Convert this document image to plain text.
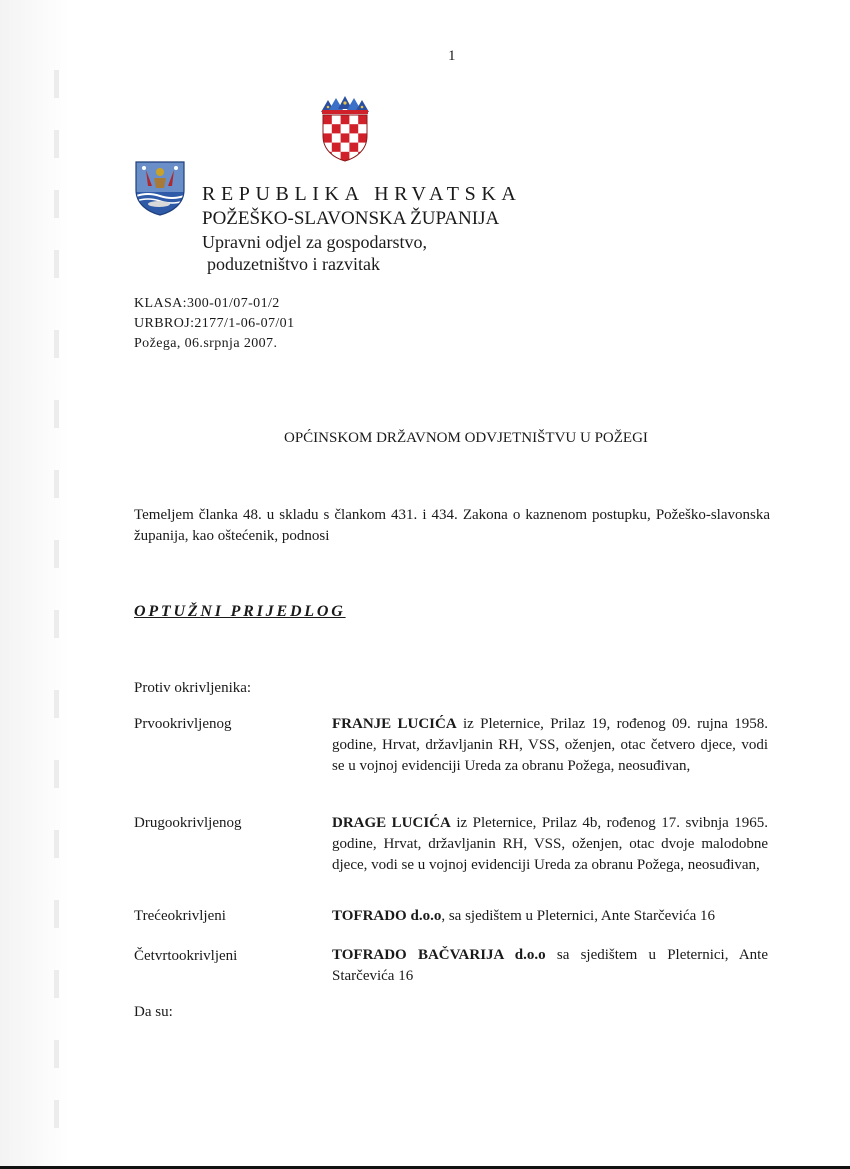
1
REPUBLIKA HRVATSKA
POŽEŠKO-SLAVONSKA ŽUPANIJA
Upravni odjel za gospodarstvo,
poduzetništvo i razvitak
KLASA:300-01/07-01/2
URBROJ:2177/1-06-07/01
Požega, 06.srpnja 2007.
OPĆINSKOM DRŽAVNOM ODVJETNIŠTVU U POŽEGI
Temeljem članka 48. u skladu s člankom 431. i 434. Zakona o kaznenom postupku, Požeško-slavonska županija, kao oštećenik, podnosi
OPTUŽNI PRIJEDLOG
Protiv okrivljenika:
Prvookrivljenog	FRANJE LUCIĆA iz Pleternice, Prilaz 19, rođenog 09. rujna 1958. godine, Hrvat, državljanin RH, VSS, oženjen, otac četvero djece, vodi se u vojnoj evidenciji Ureda za obranu Požega, neosuđivan,
Drugookrivljenog	DRAGE LUCIĆA iz Pleternice, Prilaz 4b, rođenog 17. svibnja 1965. godine, Hrvat, državljanin RH, VSS, oženjen, otac dvoje malodobne djece, vodi se u vojnoj evidenciji Ureda za obranu Požega, neosuđivan,
Trećeokrivljeni	TOFRADO d.o.o, sa sjedištem u Pleternici, Ante Starčevića 16
Četvrtookrivljeni	TOFRADO BAČVARIJA d.o.o sa sjedištem u Pleternici, Ante Starčevića 16
Da su:
